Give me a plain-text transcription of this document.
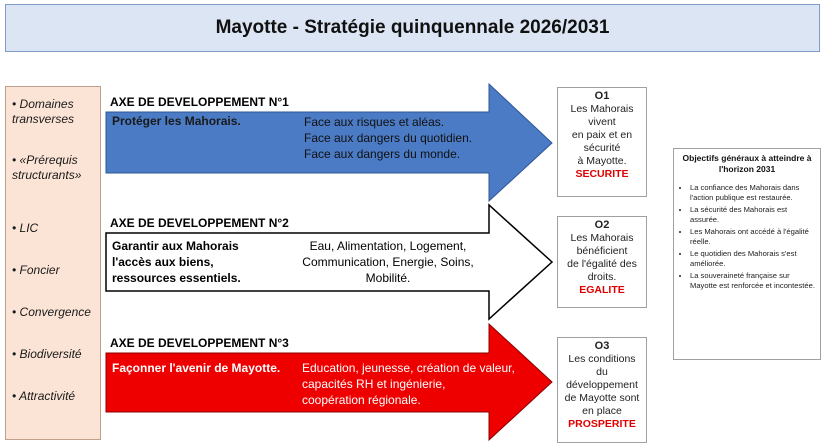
Mayotte - Stratégie quinquennale 2026/2031
• Domaines transverses
• «Prérequis structurants»
• LIC
• Foncier
• Convergence
• Biodiversité
• Attractivité
AXE DE DEVELOPPEMENT N°1
Protéger les Mahorais.	Face aux risques et aléas.
Face aux dangers du quotidien.
Face aux dangers du monde.
AXE DE DEVELOPPEMENT N°2
Garantir aux Mahorais
l'accès aux biens,
ressources essentiels.
Eau, Alimentation, Logement,
Communication, Energie, Soins,
Mobilité.
AXE DE DEVELOPPEMENT N°3
Façonner l'avenir de Mayotte. Education, jeunesse, création de valeur,
capacités RH et ingénierie,
coopération régionale.
O1
Les Mahorais
vivent
en paix et en
sécurité
à Mayotte.
SECURITE
O2
Les Mahorais
bénéficient
de l'égalité des
droits.
EGALITE
O3
Les conditions
du
développement
de Mayotte sont
en place
PROSPERITE
Objectifs généraux à atteindre à l'horizon 2031
• La confiance des Mahorais dans l'action publique est restaurée.
• La sécurité des Mahorais est assurée.
• Les Mahorais ont accédé à l'égalité réelle.
• Le quotidien des Mahorais s'est améliorée.
• La souveraineté française sur Mayotte est renforcée et incontestée.
